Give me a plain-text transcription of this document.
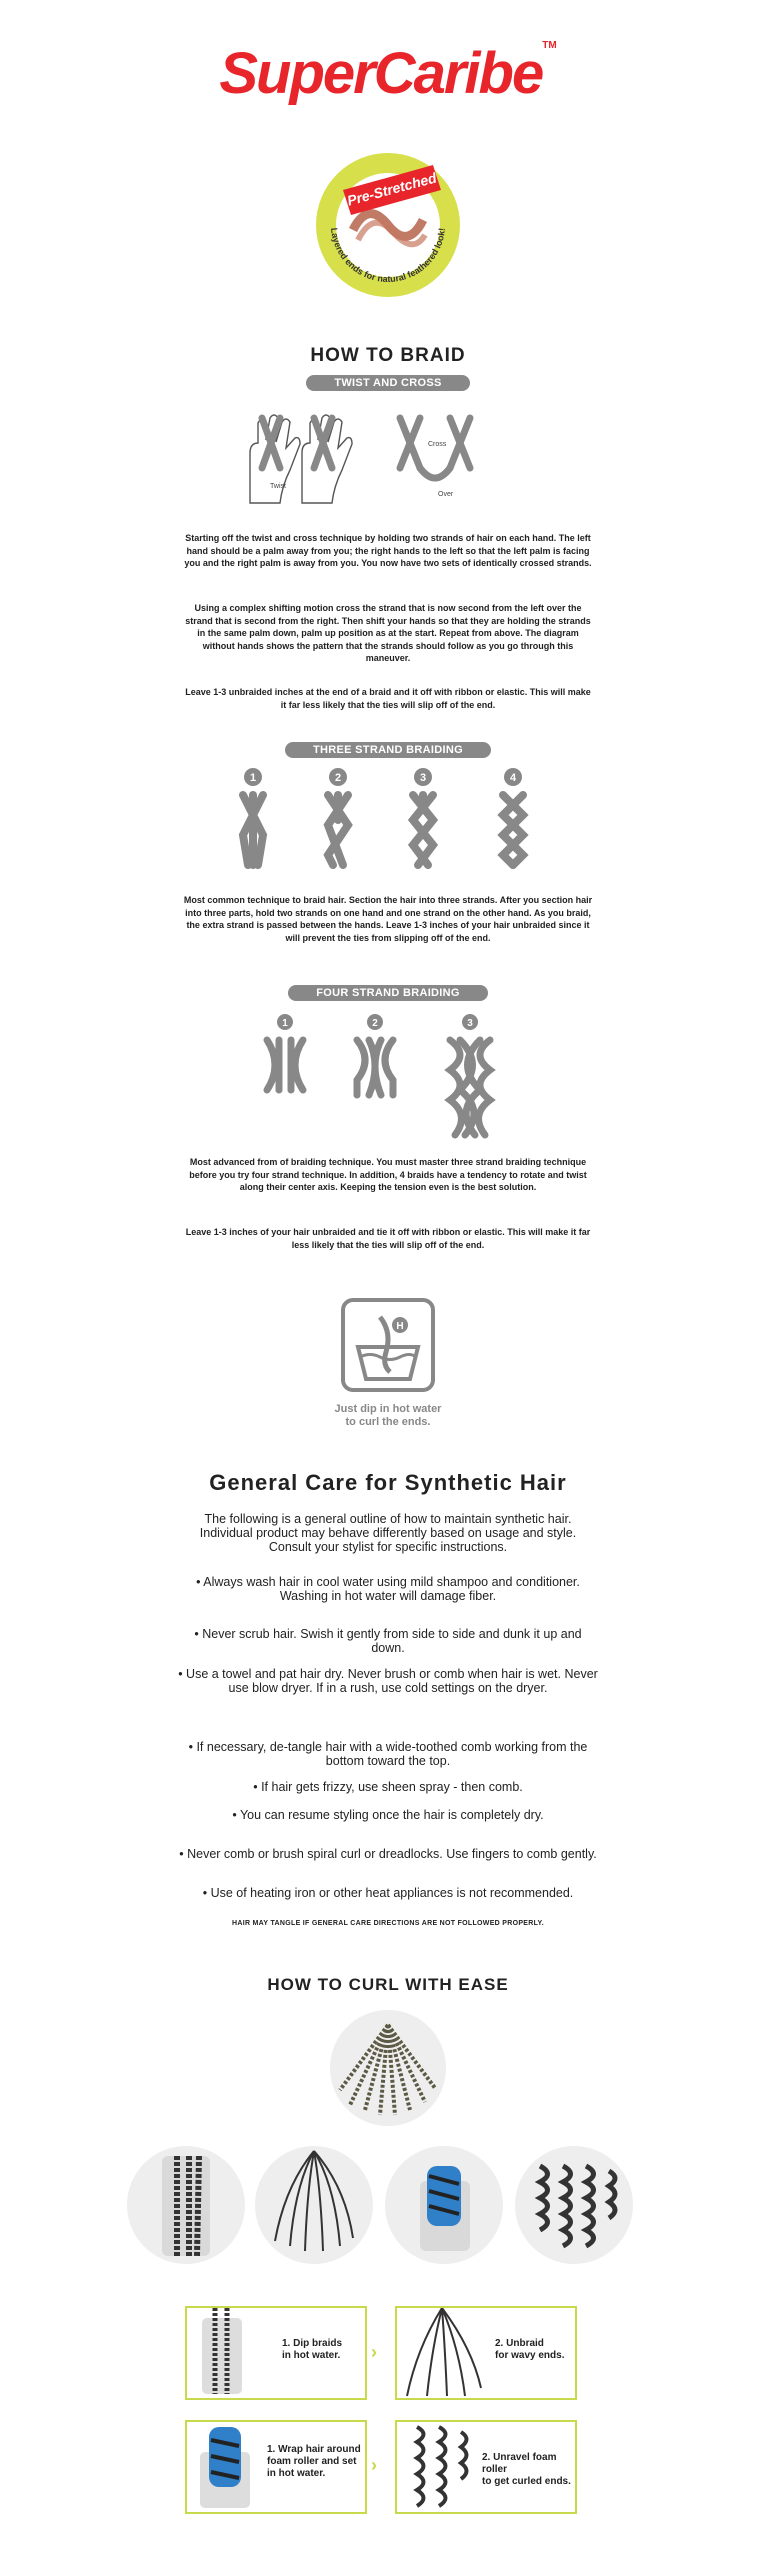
SuperCaribe™
Pre-Stretched
Layered ends for natural feathered look!
HOW TO BRAID
TWIST AND CROSS
Twist
Cross
Over
Starting off the twist and cross technique by holding two strands of hair on each hand. The left hand should be a palm away from you; the right hands to the left so that the left palm is facing you and the right palm is away from you. You now have two sets of identically crossed strands.
Using a complex shifting motion cross the strand that is now second from the left over the strand that is second from the right. Then shift your hands so that they are holding the strands in the same palm down, palm up position as at the start. Repeat from above. The diagram without hands shows the pattern that the strands should follow as you go through this maneuver.
Leave 1-3 unbraided inches at the end of a braid and it off with ribbon or elastic. This will make it far less likely that the ties will slip off of the end.
THREE STRAND BRAIDING
1	2	3	4
Most common technique to braid hair. Section the hair into three strands. After you section hair into three parts, hold two strands on one hand and one strand on the other hand. As you braid, the extra strand is passed between the hands. Leave 1-3 inches of your hair unbraided since it will prevent the ties from slipping off of the end.
FOUR STRAND BRAIDING
1	2	3
Most advanced from of braiding technique. You must master three strand braiding technique before you try four strand technique. In addition, 4 braids have a tendency to rotate and twist along their center axis. Keeping the tension even is the best solution.
Leave 1-3 inches of your hair unbraided and tie it off with ribbon or elastic. This will make it far less likely that the ties will slip off of the end.
H
Just dip in hot water
to curl the ends.
General Care for Synthetic Hair
The following is a general outline of how to maintain synthetic hair. Individual product may behave differently based on usage and style. Consult your stylist for specific instructions.
• Always wash hair in cool water using mild shampoo and conditioner. Washing in hot water will damage fiber.
• Never scrub hair. Swish it gently from side to side and dunk it up and down.
• Use a towel and pat hair dry. Never brush or comb when hair is wet. Never use blow dryer. If in a rush, use cold settings on the dryer.
• If necessary, de-tangle hair with a wide-toothed comb working from the bottom toward the top.
• If hair gets frizzy, use sheen spray - then comb.
• You can resume styling once the hair is completely dry.
• Never comb or brush spiral curl or dreadlocks. Use fingers to comb gently.
• Use of heating iron or other heat appliances is not recommended.
HAIR MAY TANGLE IF GENERAL CARE DIRECTIONS ARE NOT FOLLOWED PROPERLY.
HOW TO CURL WITH EASE
1. Dip braids
in hot water. ›	2. Unbraid
for wavy ends.
1. Wrap hair around
foam roller and set
in hot water.	›	2. Unravel foam roller
to get curled ends.
